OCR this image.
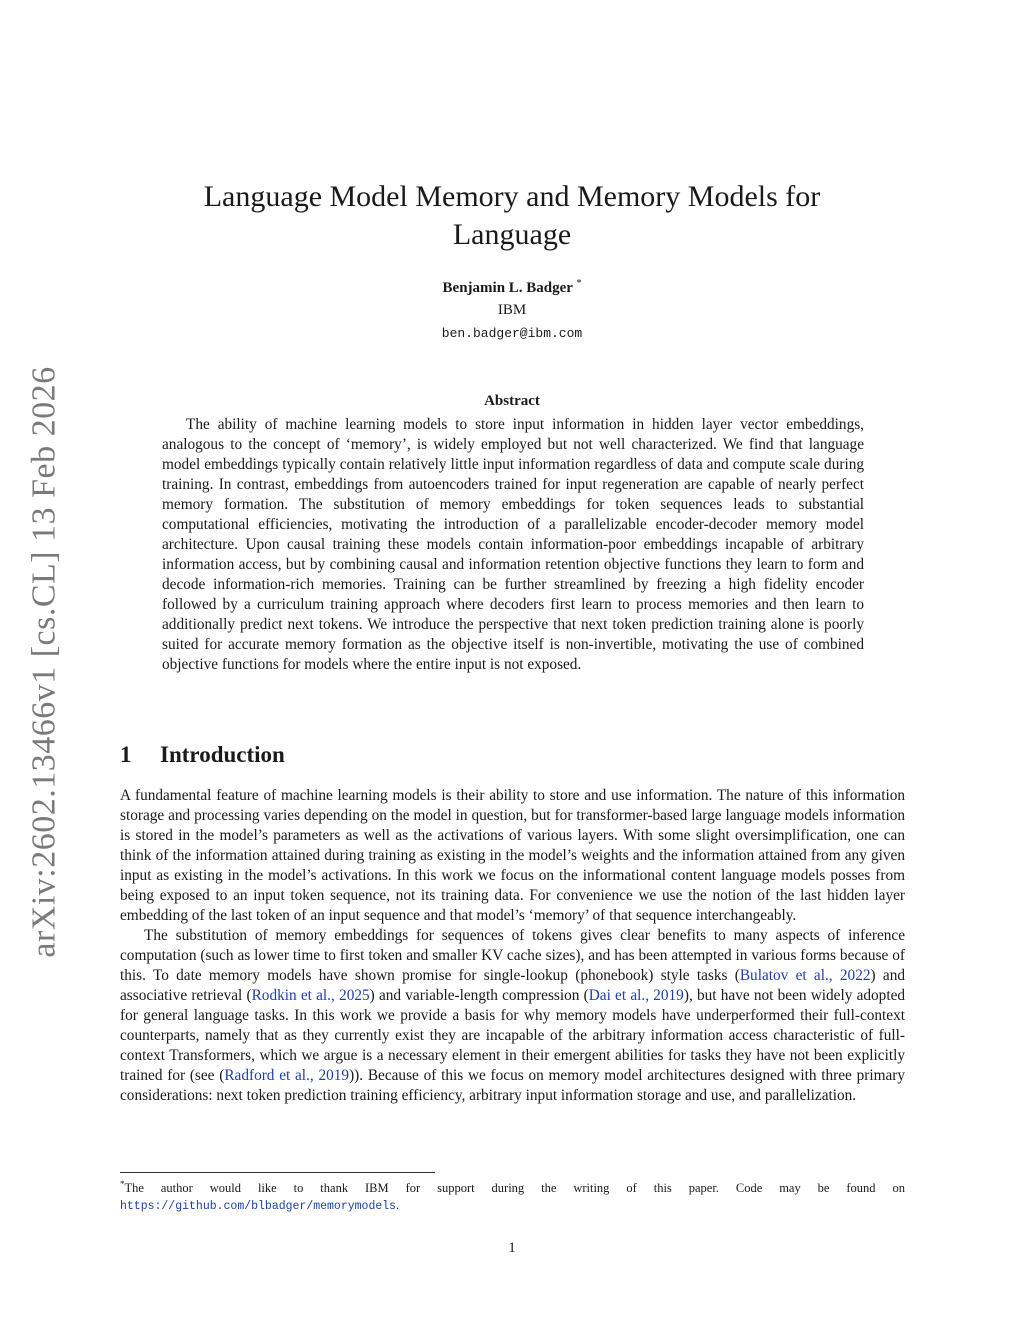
arXiv:2602.13466v1 [cs.CL] 13 Feb 2026
Language Model Memory and Memory Models for
Language
Benjamin L. Badger *
IBM
ben.badger@ibm.com
Abstract
The ability of machine learning models to store input information in hidden layer vector embeddings, analogous to the concept of ‘memory’, is widely employed but not well characterized. We find that language model embeddings typically contain relatively little input information regardless of data and compute scale during training. In contrast, embeddings from autoencoders trained for input regeneration are capable of nearly perfect memory formation. The substitution of memory embeddings for token sequences leads to substantial computational efficiencies, motivating the introduction of a parallelizable encoder-decoder memory model architecture. Upon causal training these models contain information-poor embeddings incapable of arbitrary information access, but by combining causal and information retention objective functions they learn to form and decode information-rich memories. Training can be further streamlined by freezing a high fidelity encoder followed by a curriculum training approach where decoders first learn to process memories and then learn to additionally predict next tokens. We introduce the perspective that next token prediction training alone is poorly suited for accurate memory formation as the objective itself is non-invertible, motivating the use of combined objective functions for models where the entire input is not exposed.
1 Introduction

A fundamental feature of machine learning models is their ability to store and use information. The nature of this information storage and processing varies depending on the model in question, but for transformer-based large language models information is stored in the model’s parameters as well as the activations of various layers. With some slight oversimplification, one can think of the information attained during training as existing in the model’s weights and the information attained from any given input as existing in the model’s activations. In this work we focus on the informational content language models posses from being exposed to an input token sequence, not its training data. For convenience we use the notion of the last hidden layer embedding of the last token of an input sequence and that model’s ‘memory’ of that sequence interchangeably.

The substitution of memory embeddings for sequences of tokens gives clear benefits to many aspects of inference computation (such as lower time to first token and smaller KV cache sizes), and has been attempted in various forms because of this. To date memory models have shown promise for single-lookup (phonebook) style tasks (Bulatov et al., 2022) and associative retrieval (Rodkin et al., 2025) and variable-length compression (Dai et al., 2019), but have not been widely adopted for general language tasks. In this work we provide a basis for why memory models have underperformed their full-context counterparts, namely that as they currently exist they are incapable of the arbitrary information access characteristic of full-context Transformers, which we argue is a necessary element in their emergent abilities for tasks they have not been explicitly trained for (see (Radford et al., 2019)). Because of this we focus on memory model architectures designed with three primary considerations: next token prediction training efficiency, arbitrary input information storage and use, and parallelization.

*The author would like to thank IBM for support during the writing of this paper. Code may be found on https://github.com/blbadger/memorymodels.
1
